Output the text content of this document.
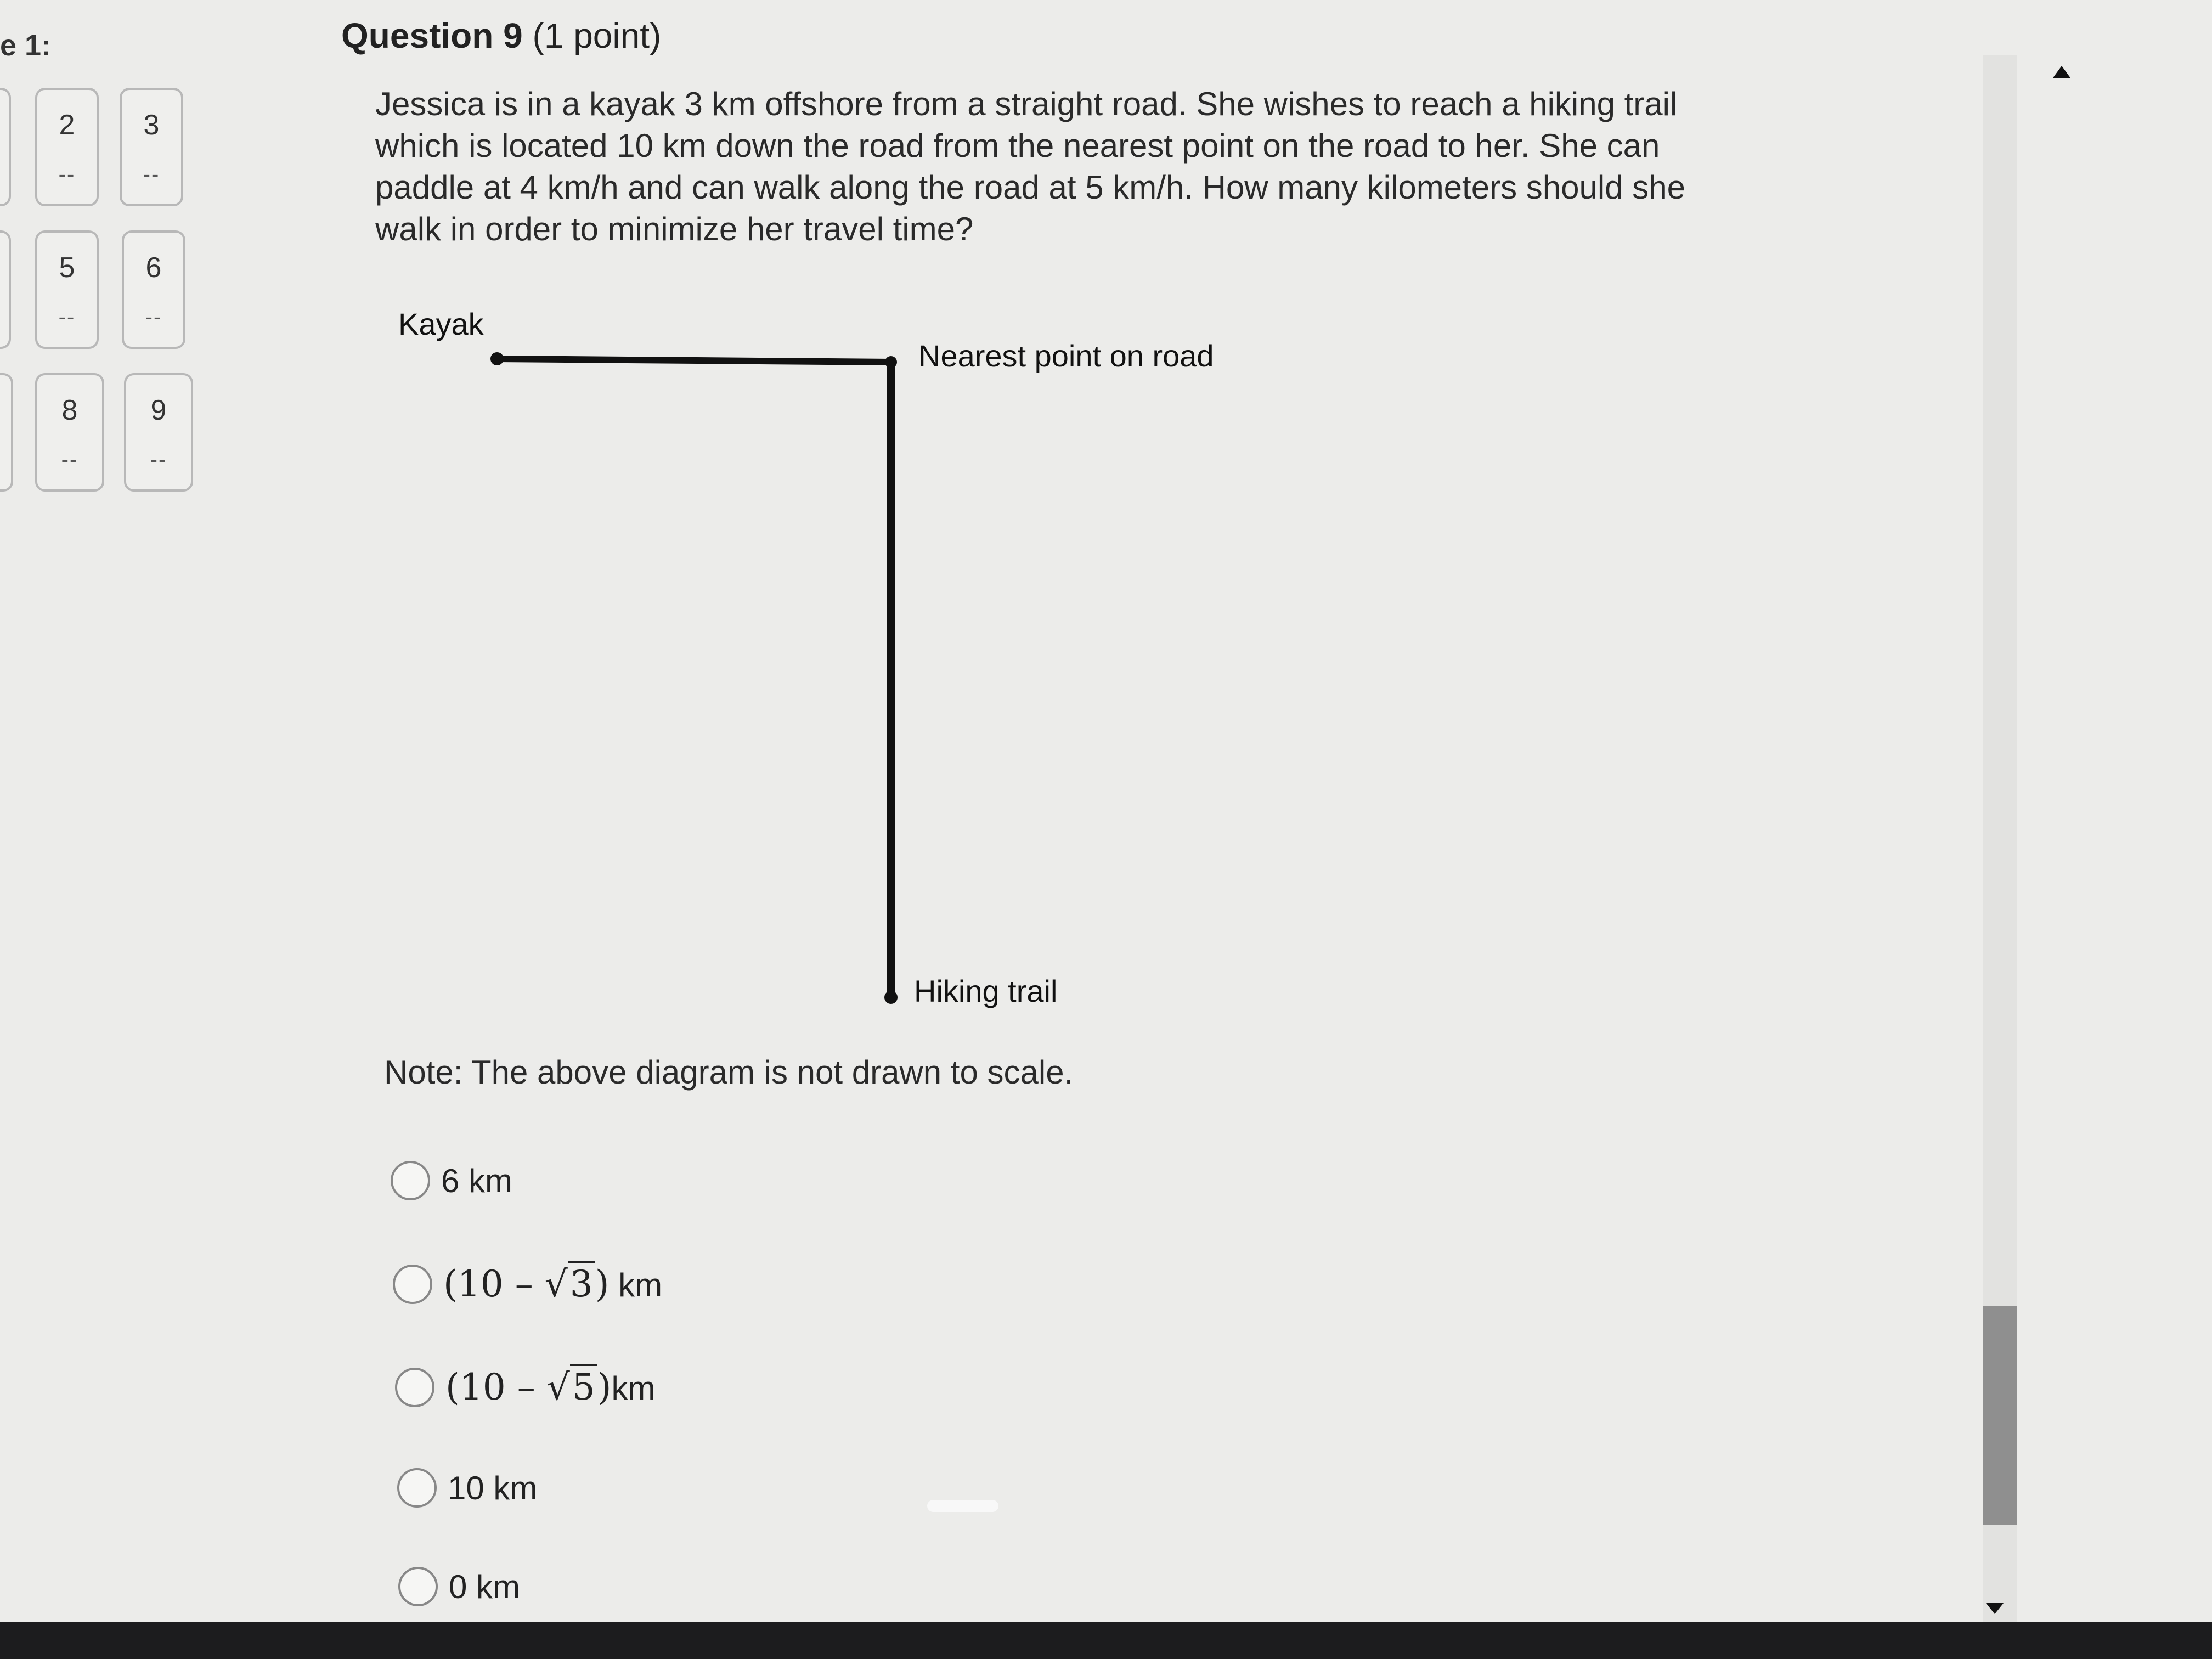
e 1:
2
--
3
--
5
--
6
--
8
--
9
--
Question 9 (1 point)
Jessica is in a kayak 3 km offshore from a straight road. She wishes to reach a hiking trail which is located 10 km down the road from the nearest point on the road to her. She can paddle at 4 km/h and can walk along the road at 5 km/h. How many kilometers should she walk in order to minimize her travel time?
Kayak
Nearest point on road
Hiking trail
Note: The above diagram is not drawn to scale.
6 km
(10 – √3) km
(10 – √5)km
10 km
0 km
